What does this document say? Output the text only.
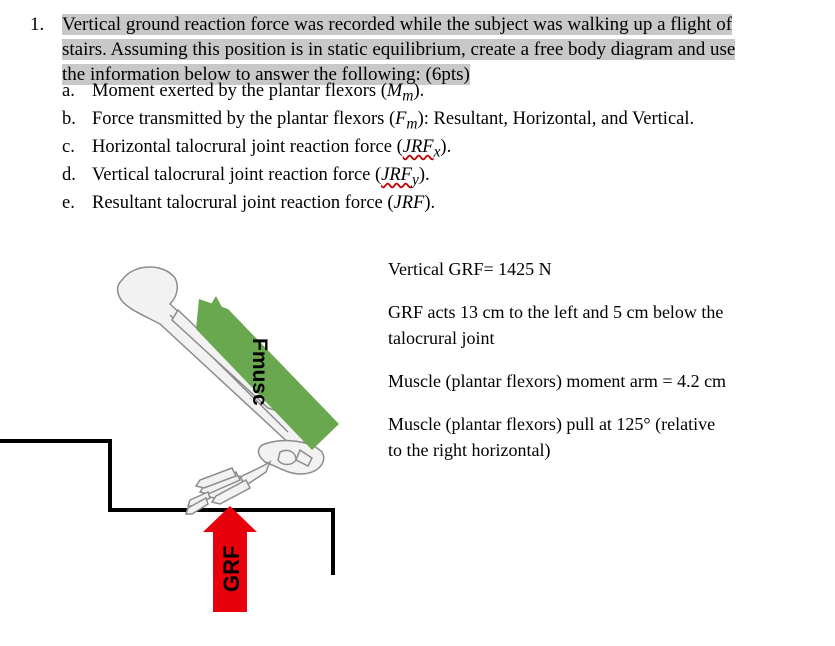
1. Vertical ground reaction force was recorded while the subject was walking up a flight of
stairs. Assuming this position is in static equilibrium, create a free body diagram and use
the information below to answer the following: (6pts)
a. Moment exerted by the plantar flexors $(M_m)$.
b. Force transmitted by the plantar flexors $(F_m)$: Resultant, Horizontal, and Vertical.
c. Horizontal talocrural joint reaction force $(JRF_x)$.
d. Vertical talocrural joint reaction force $(JRF_y)$.
e. Resultant talocrural joint reaction force (JRF).

Vertical GRF= 1425 N

GRF acts 13 cm to the left and 5 cm below the
talocrural joint

Muscle (plantar flexors) moment arm = 4.2 cm

Muscle (plantar flexors) pull at 125° (relative
to the right horizontal)

Fmusc
GRF
